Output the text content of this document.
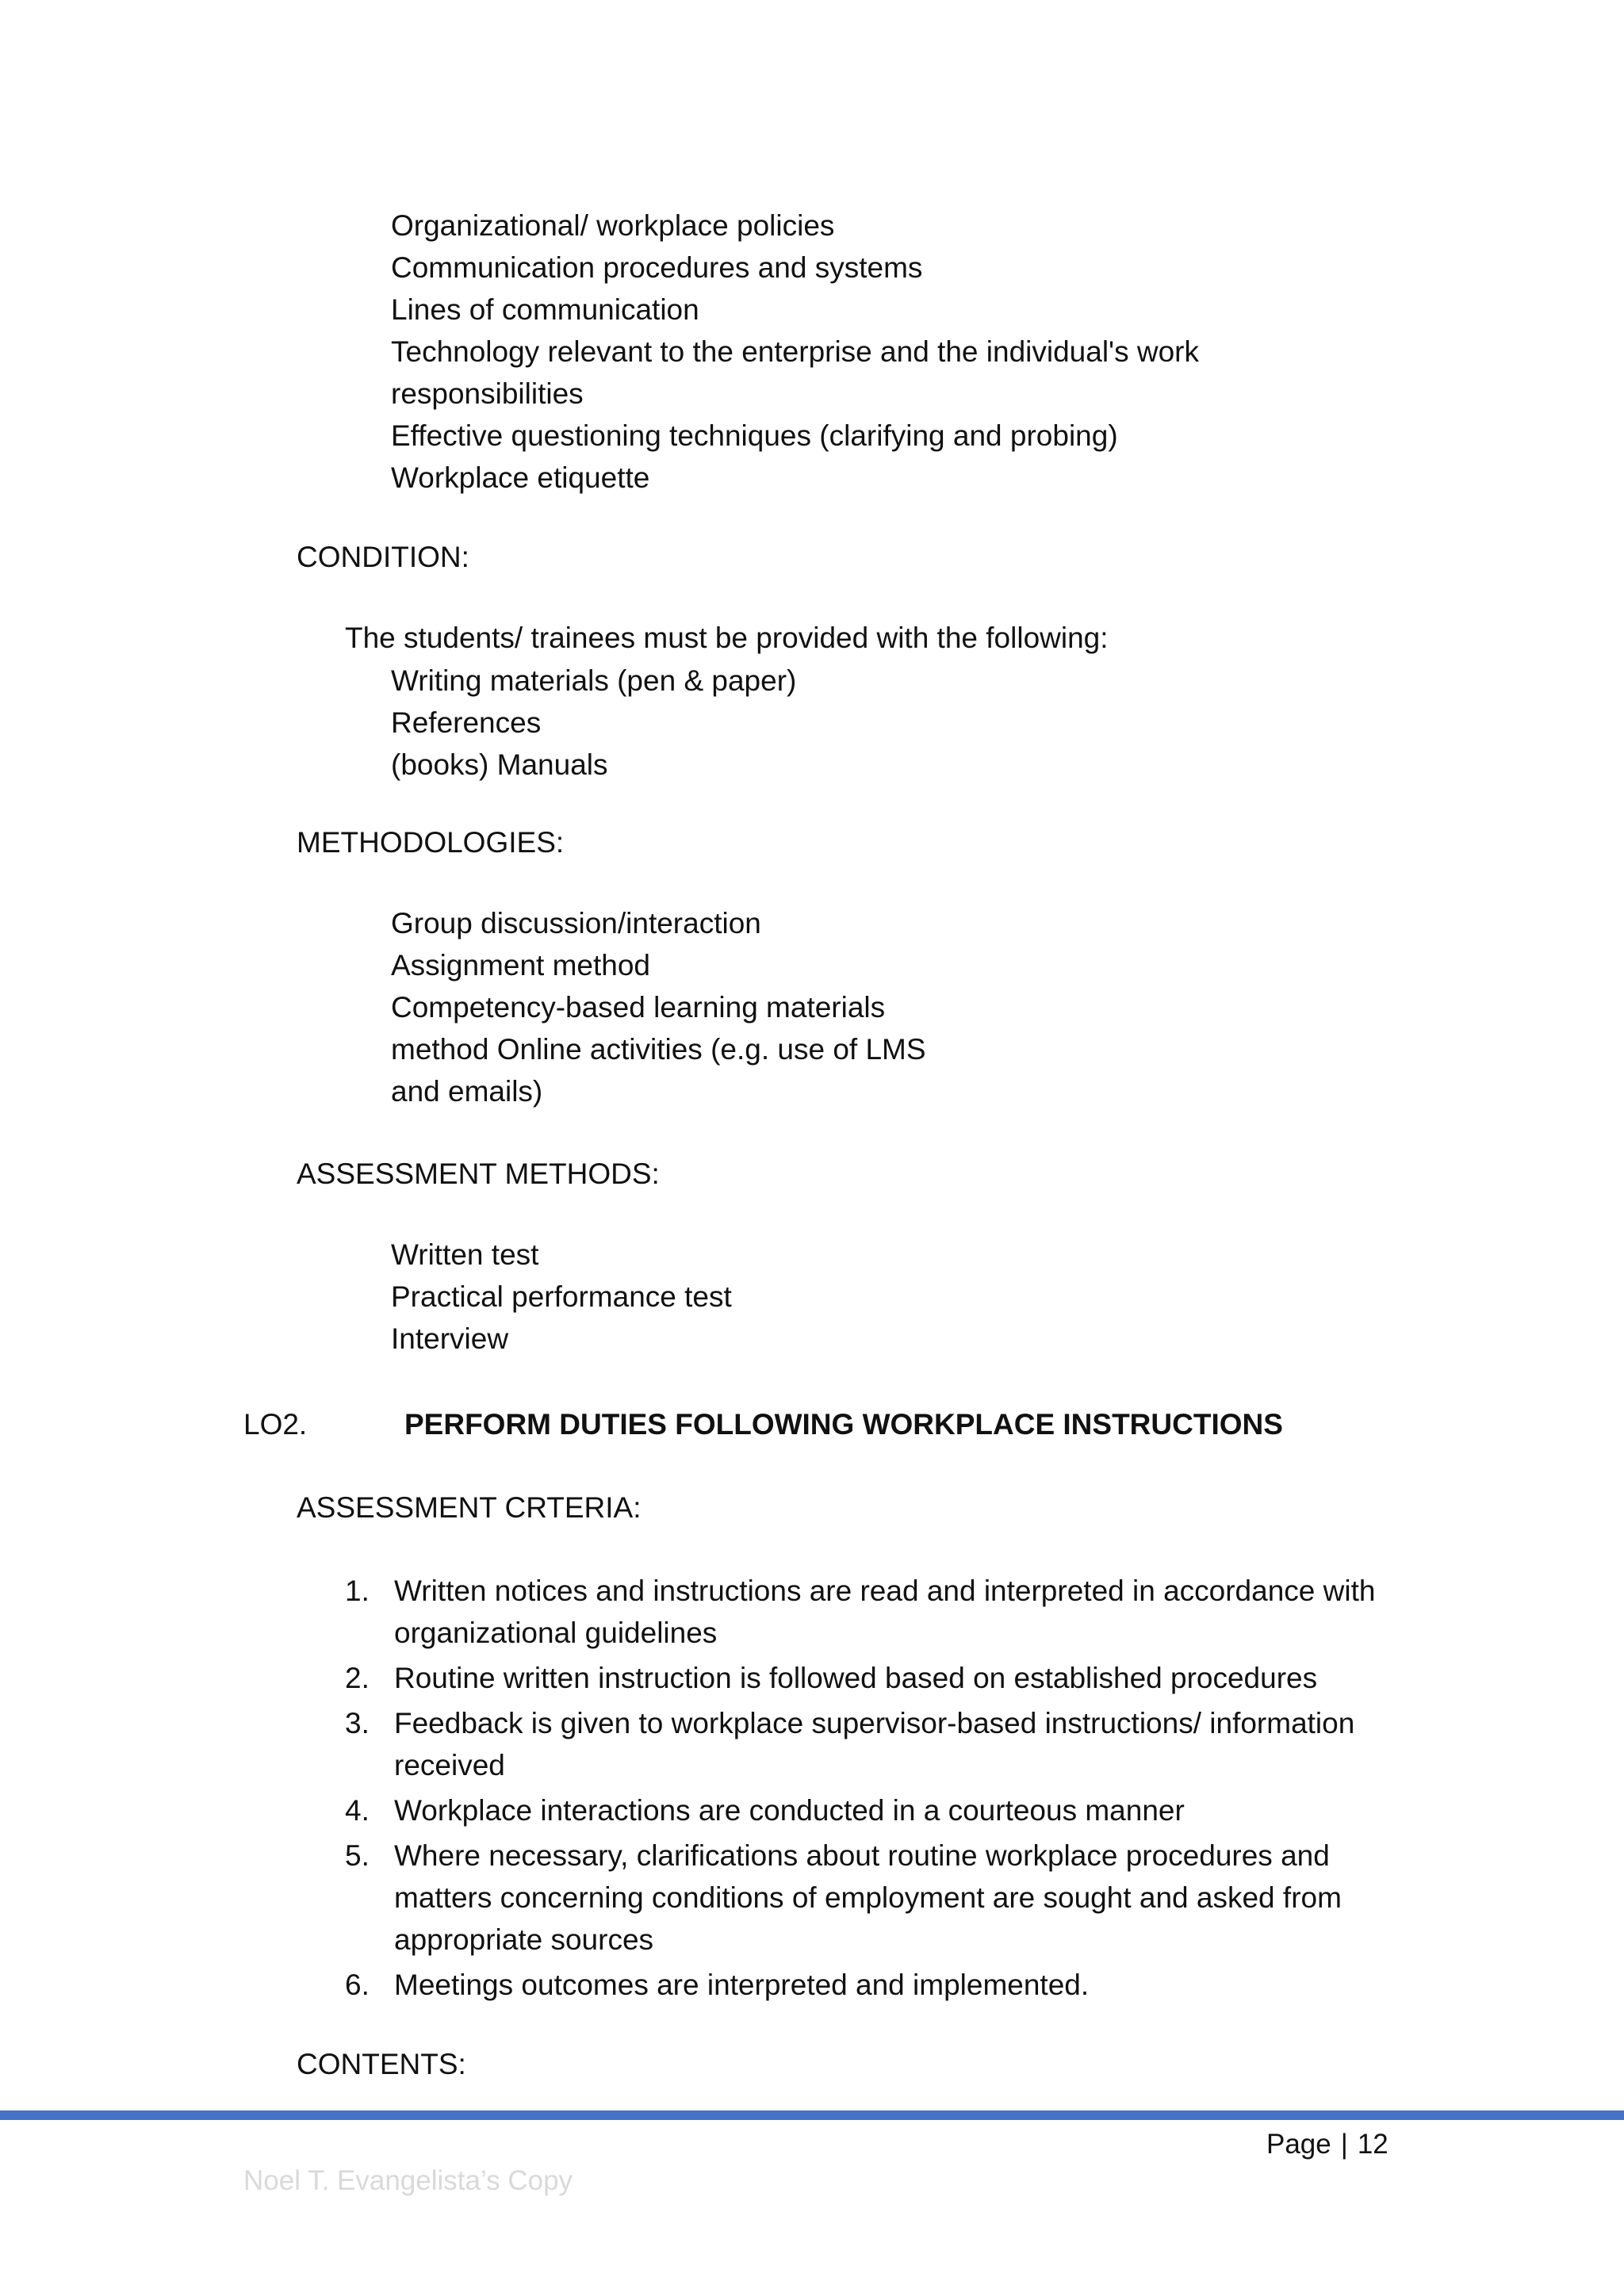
Organizational/ workplace policies
Communication procedures and systems
Lines of communication
Technology relevant to the enterprise and the individual's work
responsibilities
Effective questioning techniques (clarifying and probing)
Workplace etiquette
CONDITION:
The students/ trainees must be provided with the following:
Writing materials (pen & paper)
References
(books) Manuals
METHODOLOGIES:
Group discussion/interaction
Assignment method
Competency-based learning materials
method Online activities (e.g. use of LMS
and emails)
ASSESSMENT METHODS:
Written test
Practical performance test
Interview
LO2.	PERFORM DUTIES FOLLOWING WORKPLACE INSTRUCTIONS
ASSESSMENT CRTERIA:
1. Written notices and instructions are read and interpreted in accordance with organizational guidelines
2. Routine written instruction is followed based on established procedures
3. Feedback is given to workplace supervisor-based instructions/ information received
4. Workplace interactions are conducted in a courteous manner
5. Where necessary, clarifications about routine workplace procedures and matters concerning conditions of employment are sought and asked from appropriate sources
6. Meetings outcomes are interpreted and implemented.
CONTENTS:
Page | 12
Noel T. Evangelista’s Copy
